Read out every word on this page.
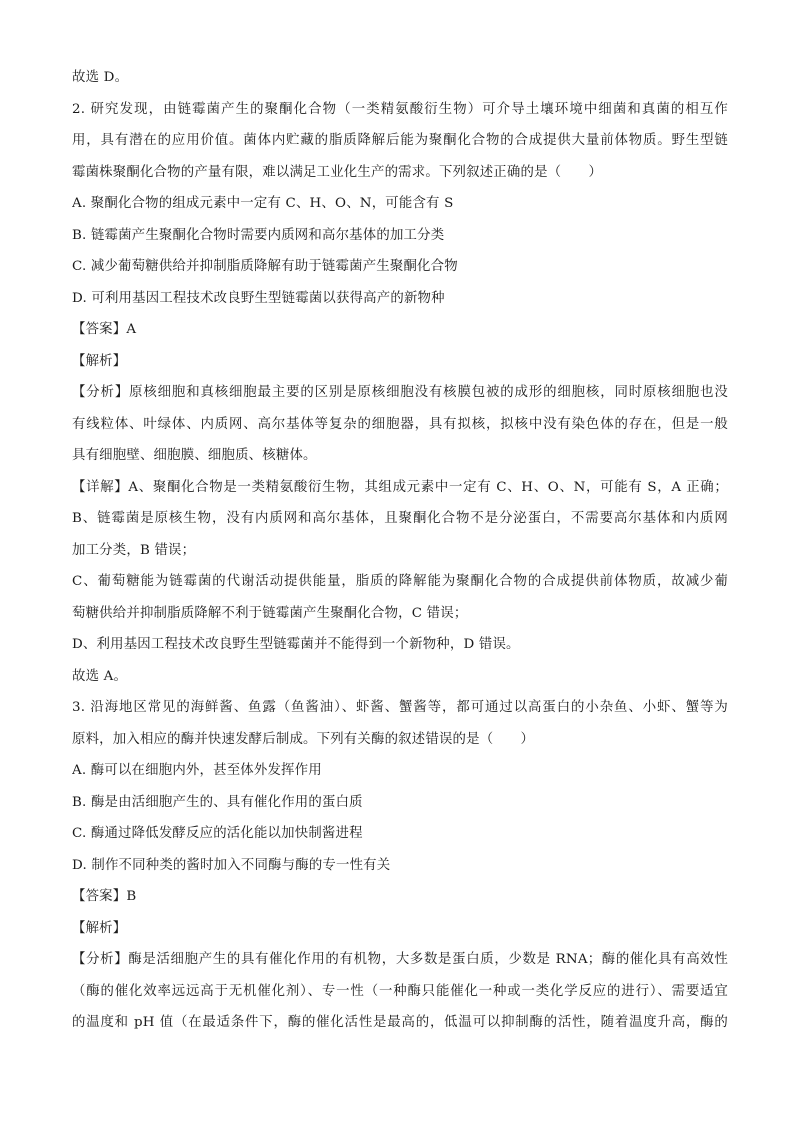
故选 D。
2. 研究发现，由链霉菌产生的聚酮化合物（一类精氨酸衍生物）可介导土壤环境中细菌和真菌的相互作
用，具有潜在的应用价值。菌体内贮藏的脂质降解后能为聚酮化合物的合成提供大量前体物质。野生型链
霉菌株聚酮化合物的产量有限，难以满足工业化生产的需求。下列叙述正确的是（　　）
A. 聚酮化合物的组成元素中一定有 C、H、O、N，可能含有 S
B. 链霉菌产生聚酮化合物时需要内质网和高尔基体的加工分类
C. 减少葡萄糖供给并抑制脂质降解有助于链霉菌产生聚酮化合物
D. 可利用基因工程技术改良野生型链霉菌以获得高产的新物种
【答案】A
【解析】
【分析】原核细胞和真核细胞最主要的区别是原核细胞没有核膜包被的成形的细胞核，同时原核细胞也没
有线粒体、叶绿体、内质网、高尔基体等复杂的细胞器，具有拟核，拟核中没有染色体的存在，但是一般
具有细胞壁、细胞膜、细胞质、核糖体。
【详解】A、聚酮化合物是一类精氨酸衍生物，其组成元素中一定有 C、H、O、N，可能有 S，A 正确；
B、链霉菌是原核生物，没有内质网和高尔基体，且聚酮化合物不是分泌蛋白，不需要高尔基体和内质网
加工分类，B 错误；
C、葡萄糖能为链霉菌的代谢活动提供能量，脂质的降解能为聚酮化合物的合成提供前体物质，故减少葡
萄糖供给并抑制脂质降解不利于链霉菌产生聚酮化合物，C 错误；
D、利用基因工程技术改良野生型链霉菌并不能得到一个新物种，D 错误。
故选 A。
3. 沿海地区常见的海鲜酱、鱼露（鱼酱油）、虾酱、蟹酱等，都可通过以高蛋白的小杂鱼、小虾、蟹等为
原料，加入相应的酶并快速发酵后制成。下列有关酶的叙述错误的是（　　）
A. 酶可以在细胞内外，甚至体外发挥作用
B. 酶是由活细胞产生的、具有催化作用的蛋白质
C. 酶通过降低发酵反应的活化能以加快制酱进程
D. 制作不同种类的酱时加入不同酶与酶的专一性有关
【答案】B
【解析】
【分析】酶是活细胞产生的具有催化作用的有机物，大多数是蛋白质，少数是 RNA；酶的催化具有高效性
（酶的催化效率远远高于无机催化剂）、专一性（一种酶只能催化一种或一类化学反应的进行）、需要适宜
的温度和 pH 值（在最适条件下，酶的催化活性是最高的，低温可以抑制酶的活性，随着温度升高，酶的
